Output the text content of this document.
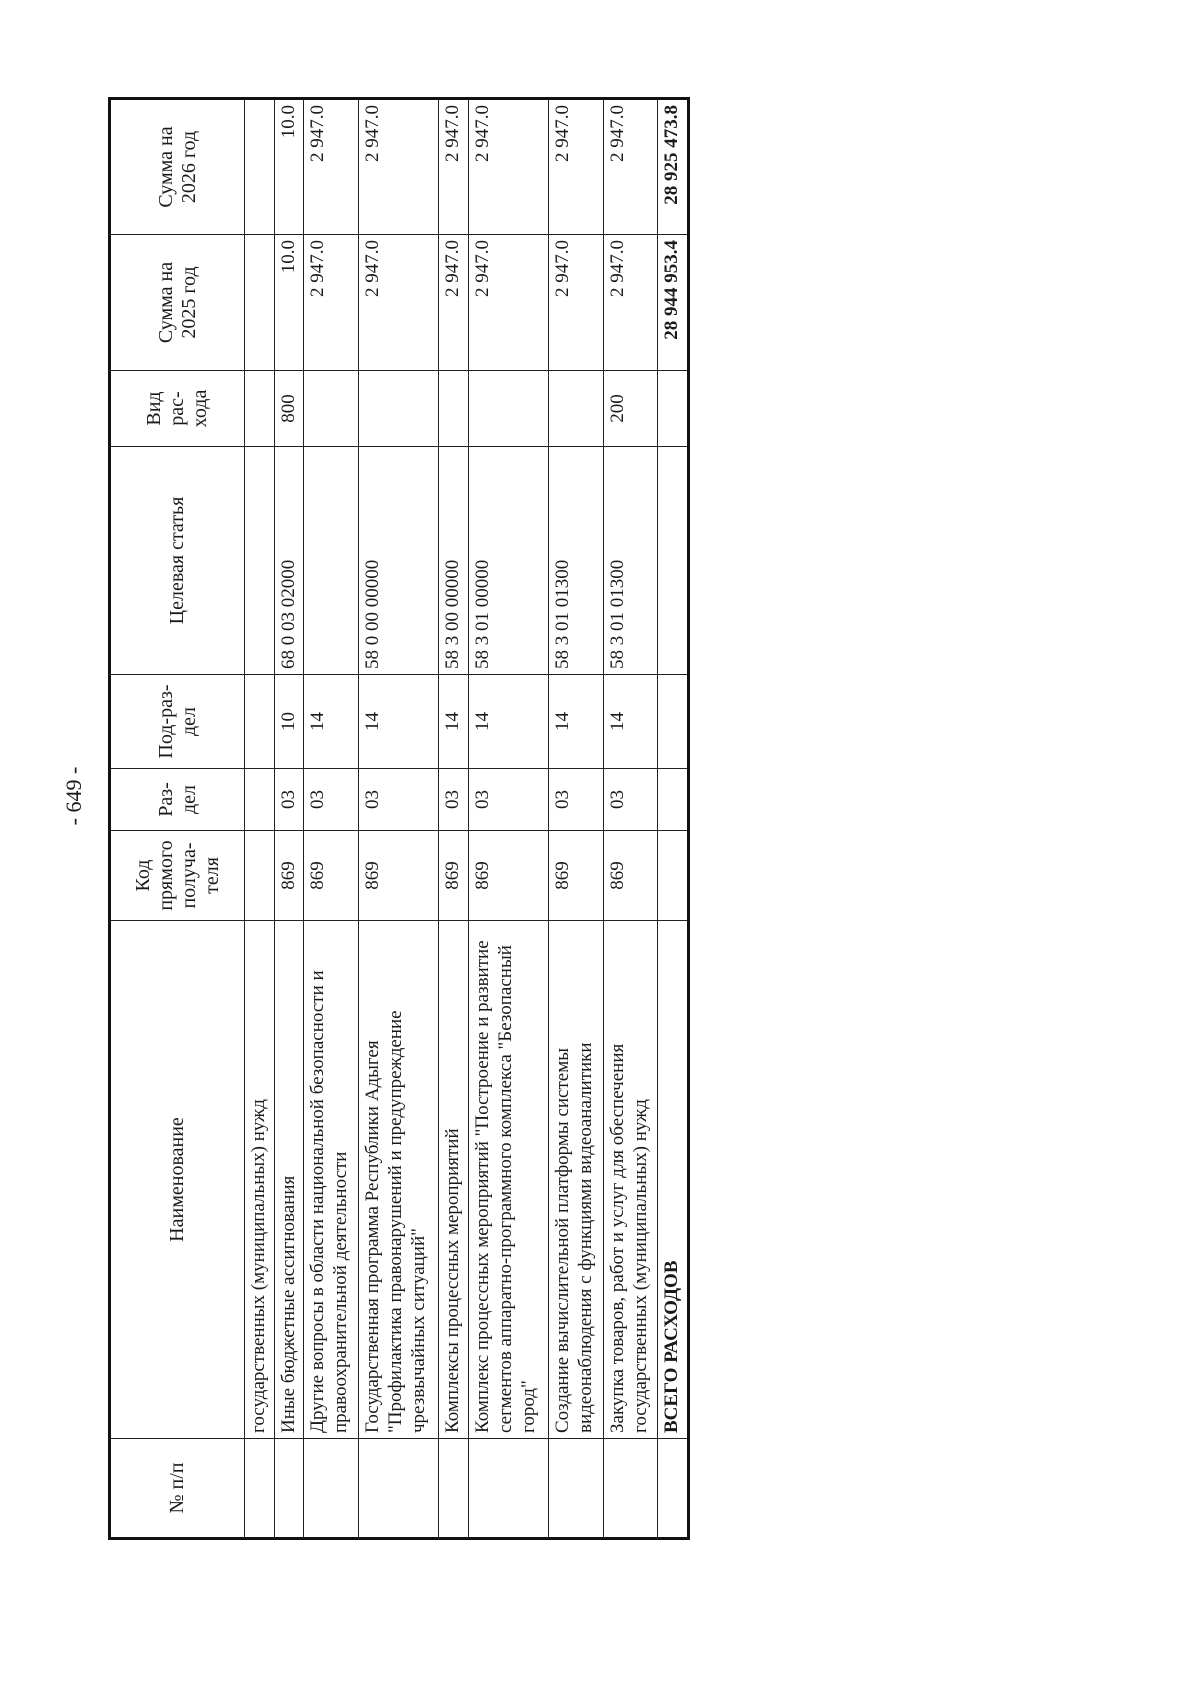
- 649 -
№ п/п	Наименование	Код прямого получа-теля	Раз-дел	Под-раз-дел	Целевая статья	Вид рас-хода	Сумма на 2025 год	Сумма на 2026 год
	государственных (муниципальных) нужд							
	Иные бюджетные ассигнования	869	03	10	68 0 03 02000	800	10.0	10.0
	Другие вопросы в области национальной безопасности и правоохранительной деятельности	869	03	14			2 947.0	2 947.0
	Государственная программа Республики Адыгея "Профилактика правонарушений и предупреждение чрезвычайных ситуаций"	869	03	14	58 0 00 00000		2 947.0	2 947.0
	Комплексы процессных мероприятий	869	03	14	58 3 00 00000		2 947.0	2 947.0
	Комплекс процессных мероприятий "Построение и развитие сегментов аппаратно-программного комплекса "Безопасный город"	869	03	14	58 3 01 00000		2 947.0	2 947.0
	Создание вычислительной платформы системы видеонаблюдения с функциями видеоаналитики	869	03	14	58 3 01 01300		2 947.0	2 947.0
	Закупка товаров, работ и услуг для обеспечения государственных (муниципальных) нужд	869	03	14	58 3 01 01300	200	2 947.0	2 947.0
	ВСЕГО РАСХОДОВ						28 944 953.4	28 925 473.8
